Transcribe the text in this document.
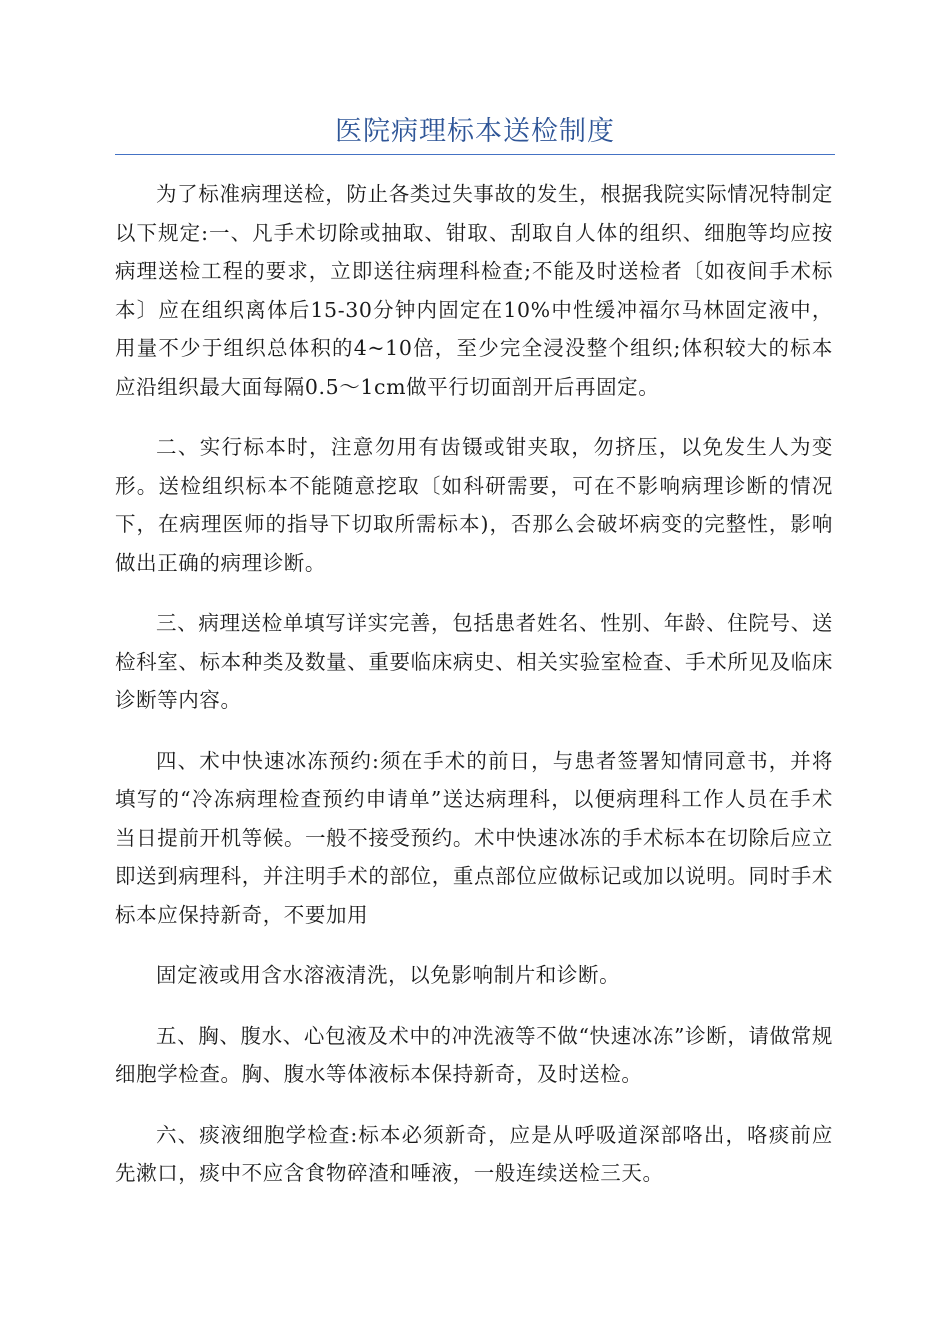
医院病理标本送检制度

为了标准病理送检，防止各类过失事故的发生，根据我院实际情况特制定以下规定:一、凡手术切除或抽取、钳取、刮取自人体的组织、细胞等均应按病理送检工程的要求，立即送往病理科检查;不能及时送检者〔如夜间手术标本〕应在组织离体后15-30分钟内固定在10%中性缓冲福尔马林固定液中，用量不少于组织总体积的4~10倍，至少完全浸没整个组织;体积较大的标本应沿组织最大面每隔0.5～1cm做平行切面剖开后再固定。

二、实行标本时，注意勿用有齿镊或钳夹取，勿挤压，以免发生人为变形。送检组织标本不能随意挖取〔如科研需要，可在不影响病理诊断的情况下，在病理医师的指导下切取所需标本)，否那么会破坏病变的完整性，影响做出正确的病理诊断。

三、病理送检单填写详实完善，包括患者姓名、性别、年龄、住院号、送检科室、标本种类及数量、重要临床病史、相关实验室检查、手术所见及临床诊断等内容。

四、术中快速冰冻预约:须在手术的前日，与患者签署知情同意书，并将填写的“冷冻病理检查预约申请单”送达病理科，以便病理科工作人员在手术当日提前开机等候。一般不接受预约。术中快速冰冻的手术标本在切除后应立即送到病理科，并注明手术的部位，重点部位应做标记或加以说明。同时手术标本应保持新奇，不要加用

固定液或用含水溶液清洗，以免影响制片和诊断。

五、胸、腹水、心包液及术中的冲洗液等不做“快速冰冻”诊断，请做常规细胞学检查。胸、腹水等体液标本保持新奇，及时送检。

六、痰液细胞学检查:标本必须新奇，应是从呼吸道深部咯出，咯痰前应先漱口，痰中不应含食物碎渣和唾液，一般连续送检三天。
